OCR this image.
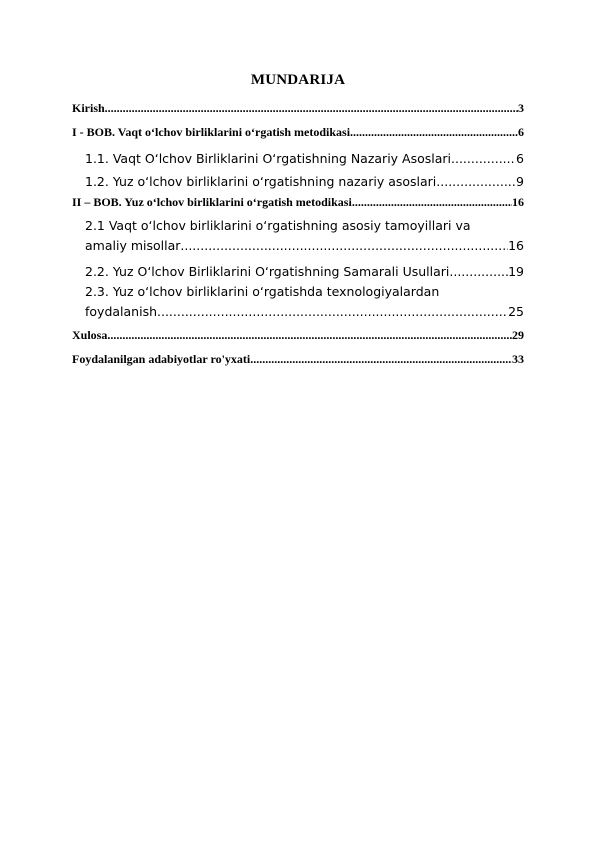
MUNDARIJA
Kirish .....	3
I - BOB. Vaqt o‘lchov birliklarini o‘rgatish metodikasi .....	6
1.1. Vaqt O‘lchov Birliklarini O‘rgatishning Nazariy Asoslari .....	6
1.2. Yuz o‘lchov birliklarini o‘rgatishning nazariy asoslari .....	9
II – BOB. Yuz o‘lchov birliklarini o‘rgatish metodikasi .....	16
2.1 Vaqt o‘lchov birliklarini o‘rgatishning asosiy tamoyillari va
amaliy misollar .....	16
2.2. Yuz O‘lchov Birliklarini O‘rgatishning Samarali Usullari .....	19
2.3. Yuz o‘lchov birliklarini o‘rgatishda texnologiyalardan
foydalanish .....	25
Xulosa .....	29
Foydalanilgan adabiyotlar ro'yxati .....	33
